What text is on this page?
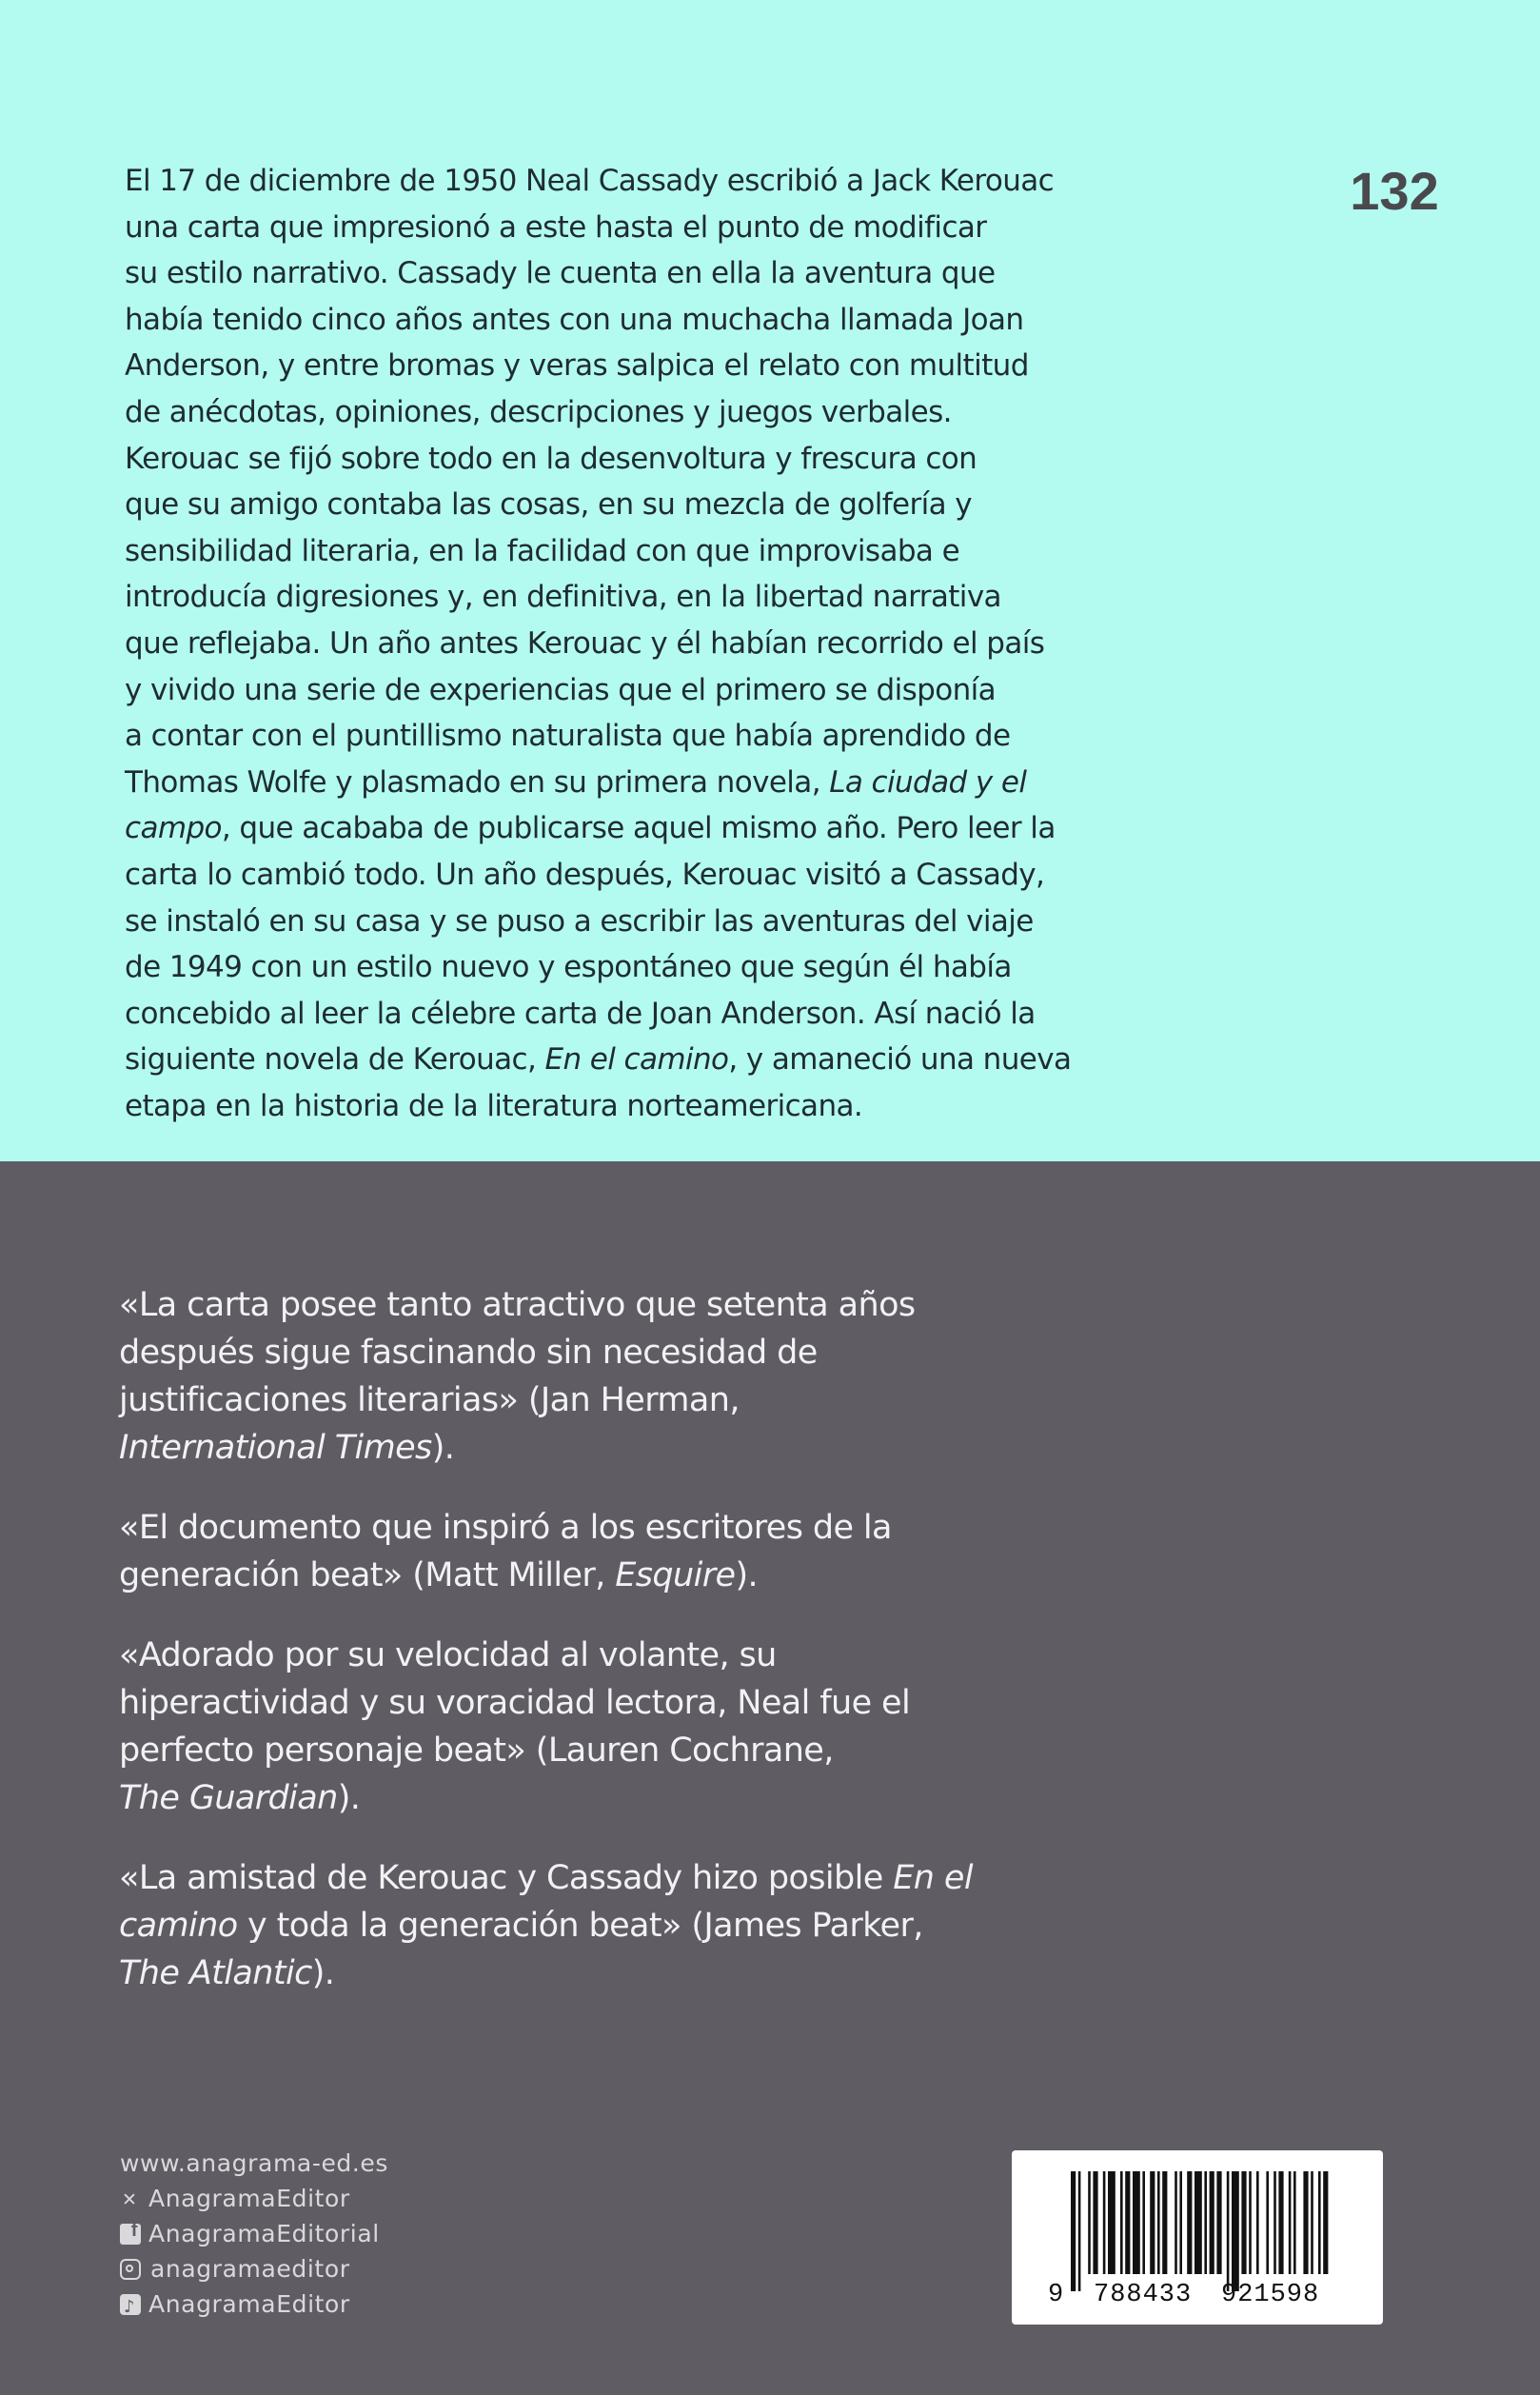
132
El 17 de diciembre de 1950 Neal Cassady escribió a Jack Kerouac
una carta que impresionó a este hasta el punto de modificar
su estilo narrativo. Cassady le cuenta en ella la aventura que
había tenido cinco años antes con una muchacha llamada Joan
Anderson, y entre bromas y veras salpica el relato con multitud
de anécdotas, opiniones, descripciones y juegos verbales.
Kerouac se fijó sobre todo en la desenvoltura y frescura con
que su amigo contaba las cosas, en su mezcla de golfería y
sensibilidad literaria, en la facilidad con que improvisaba e
introducía digresiones y, en definitiva, en la libertad narrativa
que reflejaba. Un año antes Kerouac y él habían recorrido el país
y vivido una serie de experiencias que el primero se disponía
a contar con el puntillismo naturalista que había aprendido de
Thomas Wolfe y plasmado en su primera novela, La ciudad y el
campo, que acababa de publicarse aquel mismo año. Pero leer la
carta lo cambió todo. Un año después, Kerouac visitó a Cassady,
se instaló en su casa y se puso a escribir las aventuras del viaje
de 1949 con un estilo nuevo y espontáneo que según él había
concebido al leer la célebre carta de Joan Anderson. Así nació la
siguiente novela de Kerouac, En el camino, y amaneció una nueva
etapa en la historia de la literatura norteamericana.
«La carta posee tanto atractivo que setenta años
después sigue fascinando sin necesidad de
justificaciones literarias» (Jan Herman,
International Times).
«El documento que inspiró a los escritores de la
generación beat» (Matt Miller, Esquire).
«Adorado por su velocidad al volante, su
hiperactividad y su voracidad lectora, Neal fue el
perfecto personaje beat» (Lauren Cochrane,
The Guardian).
«La amistad de Kerouac y Cassady hizo posible En el
camino y toda la generación beat» (James Parker,
The Atlantic).
www.anagrama-ed.es
✕
AnagramaEditor
f
AnagramaEditorial
anagramaeditor
♪
AnagramaEditor	9 788433 921598
